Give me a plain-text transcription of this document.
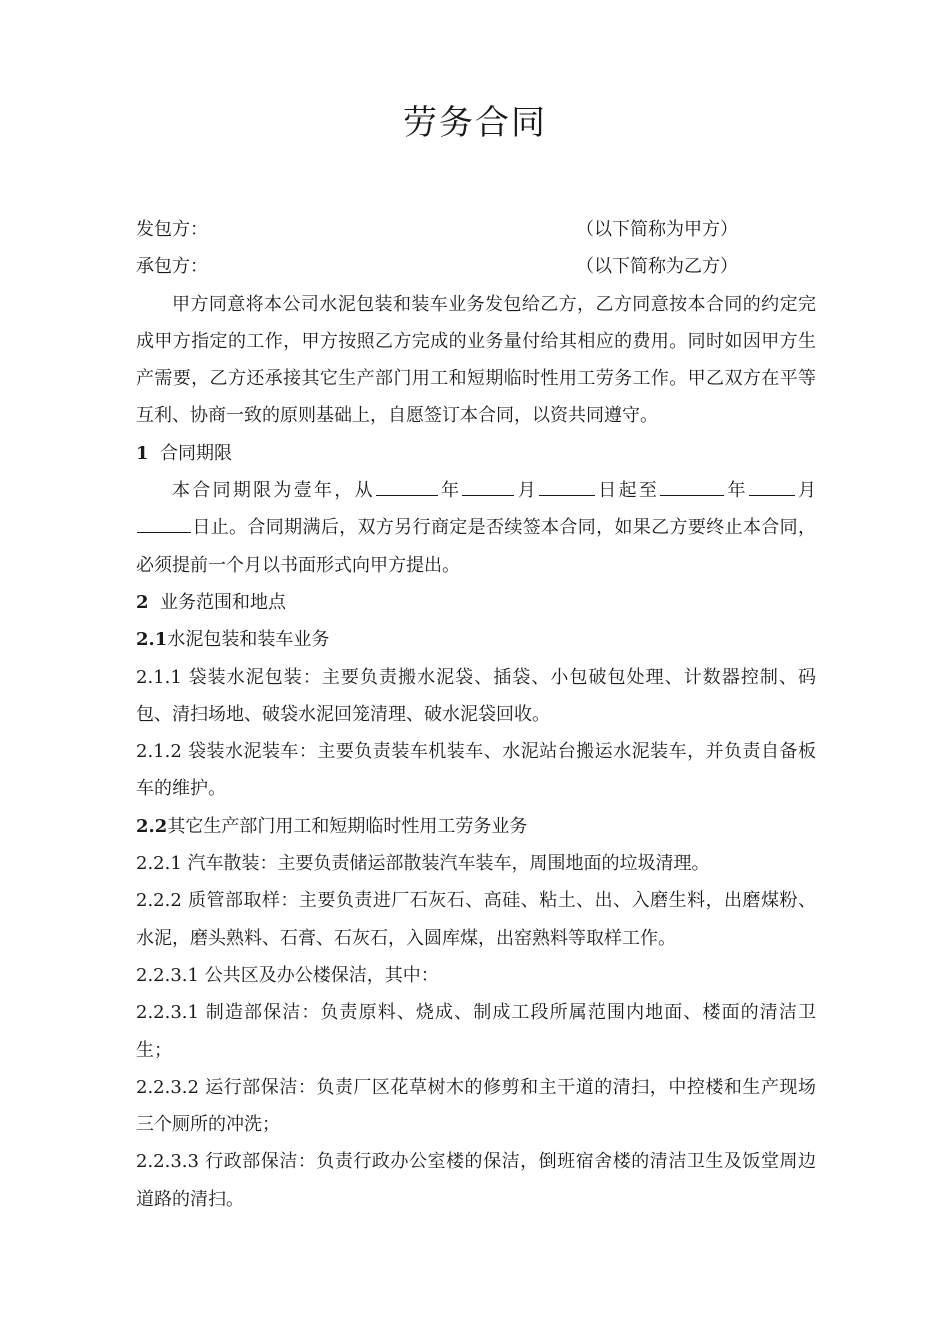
劳务合同
发包方：	（以下简称为甲方）
承包方：	（以下简称为乙方）
甲方同意将本公司水泥包装和装车业务发包给乙方，乙方同意按本合同的约定完成甲方指定的工作，甲方按照乙方完成的业务量付给其相应的费用。同时如因甲方生产需要，乙方还承接其它生产部门用工和短期临时性用工劳务工作。甲乙双方在平等互利、协商一致的原则基础上，自愿签订本合同，以资共同遵守。
1 合同期限
本合同期限为壹年，从	年	月	日起至	年	月日止。合同期满后，双方另行商定是否续签本合同，如果乙方要终止本合同，必须提前一个月以书面形式向甲方提出。
2 业务范围和地点
2.1水泥包装和装车业务
2.1.1 袋装水泥包装：主要负责搬水泥袋、插袋、小包破包处理、计数器控制、码包、清扫场地、破袋水泥回笼清理、破水泥袋回收。
2.1.2 袋装水泥装车：主要负责装车机装车、水泥站台搬运水泥装车，并负责自备板车的维护。
2.2其它生产部门用工和短期临时性用工劳务业务
2.2.1 汽车散装：主要负责储运部散装汽车装车，周围地面的垃圾清理。
2.2.2 质管部取样：主要负责进厂石灰石、高硅、粘土、出、入磨生料，出磨煤粉、水泥，磨头熟料、石膏、石灰石，入圆库煤，出窑熟料等取样工作。
2.2.3.1 公共区及办公楼保洁，其中：
2.2.3.1 制造部保洁：负责原料、烧成、制成工段所属范围内地面、楼面的清洁卫生；
2.2.3.2 运行部保洁：负责厂区花草树木的修剪和主干道的清扫，中控楼和生产现场三个厕所的冲洗；
2.2.3.3 行政部保洁：负责行政办公室楼的保洁，倒班宿舍楼的清洁卫生及饭堂周边道路的清扫。
